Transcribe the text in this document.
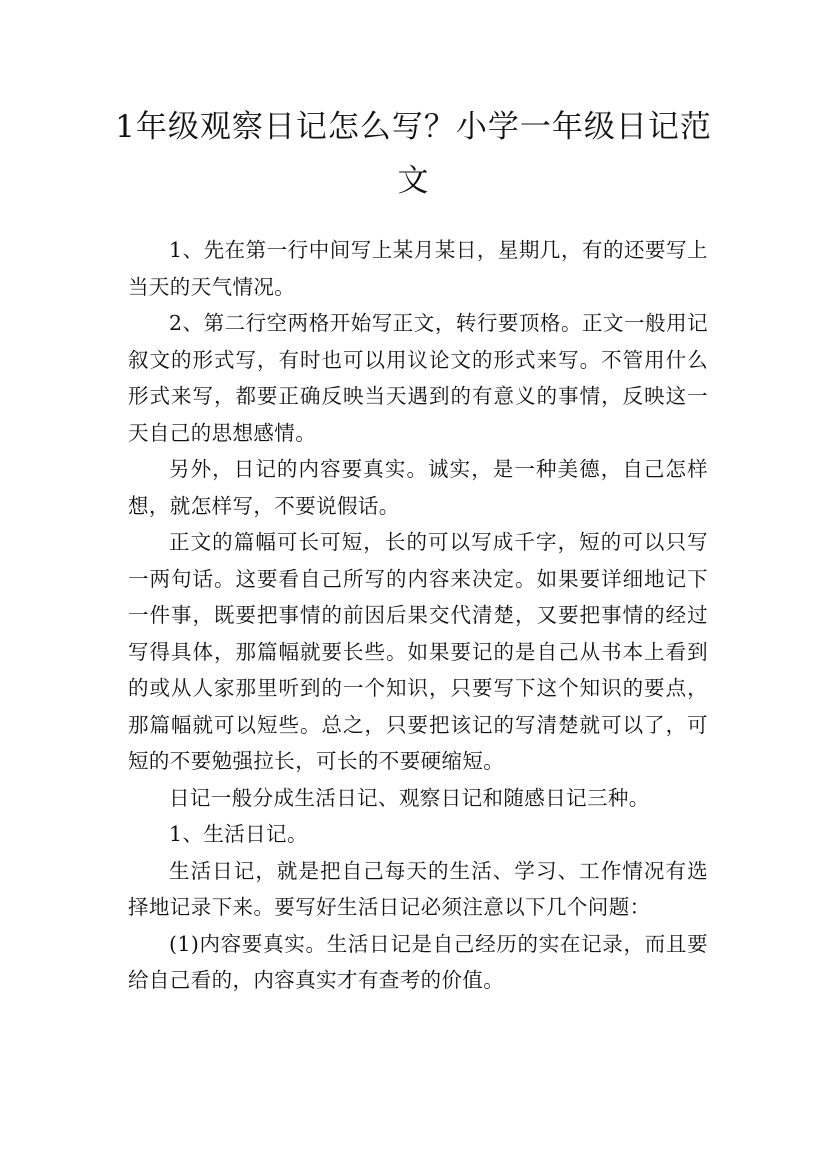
1年级观察日记怎么写？小学一年级日记范文

1、先在第一行中间写上某月某日，星期几，有的还要写上当天的天气情况。

2、第二行空两格开始写正文，转行要顶格。正文一般用记叙文的形式写，有时也可以用议论文的形式来写。不管用什么形式来写，都要正确反映当天遇到的有意义的事情，反映这一天自己的思想感情。

另外，日记的内容要真实。诚实，是一种美德，自己怎样想，就怎样写，不要说假话。

正文的篇幅可长可短，长的可以写成千字，短的可以只写一两句话。这要看自己所写的内容来决定。如果要详细地记下一件事，既要把事情的前因后果交代清楚，又要把事情的经过写得具体，那篇幅就要长些。如果要记的是自己从书本上看到的或从人家那里听到的一个知识，只要写下这个知识的要点，那篇幅就可以短些。总之，只要把该记的写清楚就可以了，可短的不要勉强拉长，可长的不要硬缩短。

日记一般分成生活日记、观察日记和随感日记三种。

1、生活日记。

生活日记，就是把自己每天的生活、学习、工作情况有选择地记录下来。要写好生活日记必须注意以下几个问题：

(1)内容要真实。生活日记是自己经历的实在记录，而且要给自己看的，内容真实才有查考的价值。
